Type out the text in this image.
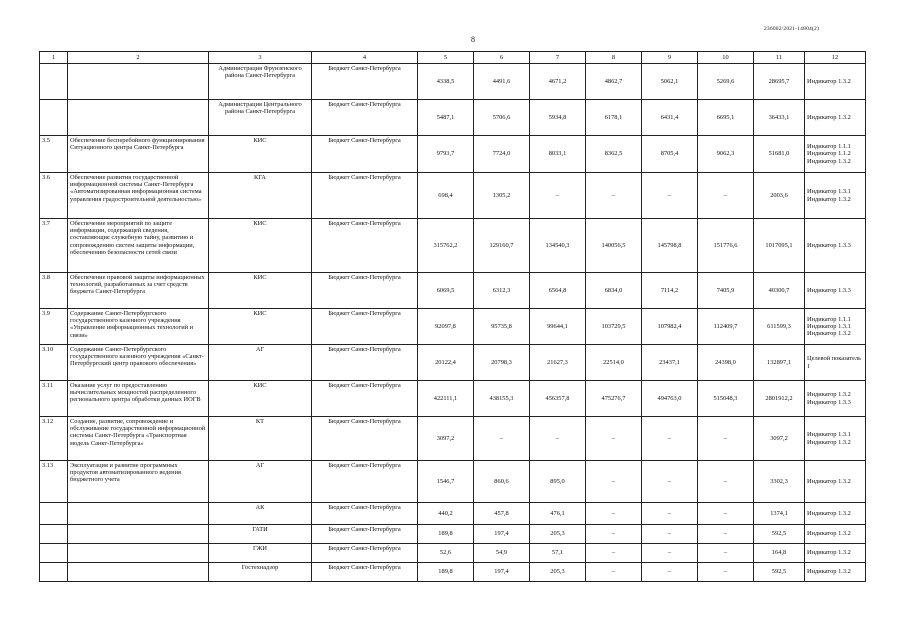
236002/2021-14804(2)
8
1	2	3	4	5	6	7	8	9	10	11	12
		Администрация Фрунзенского района Санкт-Петербурга	Бюджет Санкт-Петербурга	4338,5	4491,6	4671,2	4862,7	5062,1	5269,6	28695,7	Индикатор 1.3.2

		Администрация Центрального района Санкт-Петербурга	Бюджет Санкт-Петербурга	5487,1	5706,6	5934,8	6178,1	6431,4	6695,1	36433,1	Индикатор 1.3.2

3.5	Обеспечение бесперебойного функционирования Ситуационного центра Санкт-Петербурга	КИС	Бюджет Санкт-Петербурга	9793,7	7724,0	8033,1	8362,5	8705,4	9062,3	51681,0	Индикатор 1.1.1
Индикатор 1.1.2
Индикатор 1.3.2

3.6	Обеспечение развития государственной информационной системы Санкт-Петербурга «Автоматизированная информационная система управления градостроительной деятельностью»	КГА	Бюджет Санкт-Петербурга	698,4	1305,2	–	–	–	–	2003,6	Индикатор 1.3.1
Индикатор 1.3.2

3.7	Обеспечение мероприятий по защите информации, содержащей сведения, составляющие служебную тайну, развитию и сопровождению систем защиты информации, обеспечению безопасности сетей связи	КИС	Бюджет Санкт-Петербурга	315762,2	129160,7	134540,3	140056,5	145798,8	151776,6	1017095,1	Индикатор 1.3.3

3.8	Обеспечение правовой защиты информационных технологий, разработанных за счет средств бюджета Санкт-Петербурга	КИС	Бюджет Санкт-Петербурга	6069,5	6312,3	6564,8	6834,0	7114,2	7405,9	40300,7	Индикатор 1.3.3

3.9	Содержание Санкт-Петербургского государственного казенного учреждения «Управление информационных технологий и связи»	КИС	Бюджет Санкт-Петербурга	92097,8	95735,8	99644,1	103729,5	107982,4	112409,7	611599,3	Индикатор 1.1.1
Индикатор 1.3.1
Индикатор 1.3.2

3.10	Содержание Санкт-Петербургского государственного казенного учреждения «Санкт-Петербургский центр правового обеспечения»	АГ	Бюджет Санкт-Петербурга	20122,4	20798,3	21627,3	22514,0	23437,1	24398,0	132897,1	Целевой показатель 1

3.11	Оказание услуг по предоставлению вычислительных мощностей распределенного регионального центра обработки данных ИОГВ	КИС	Бюджет Санкт-Петербурга	422111,1	438155,3	456357,8	475276,7	494763,0	515048,3	2801912,2	Индикатор 1.3.2
Индикатор 1.3.3

3.12	Создание, развитие, сопровождение и обслуживание государственной информационной системы Санкт-Петербурга «Транспортная модель Санкт-Петербурга»	КТ	Бюджет Санкт-Петербурга	3097,2	–	–	–	–	–	3097,2	Индикатор 1.3.1
Индикатор 1.3.2

3.13	Эксплуатация и развитие программных продуктов автоматизированного ведения бюджетного учета	АГ	Бюджет Санкт-Петербурга	1546,7	860,6	895,0	–	–	–	3302,3	Индикатор 1.3.2

		АК	Бюджет Санкт-Петербурга	440,2	457,8	476,1	–	–	–	1374,1	Индикатор 1.3.2

		ГАТИ	Бюджет Санкт-Петербурга	189,8	197,4	205,3	–	–	–	592,5	Индикатор 1.3.2

		ГЖИ	Бюджет Санкт-Петербурга	52,6	54,9	57,1	–	–	–	164,8	Индикатор 1.3.2

		Гостехнадзор	Бюджет Санкт-Петербурга	189,8	197,4	205,3	–	–	–	592,5	Индикатор 1.3.2
